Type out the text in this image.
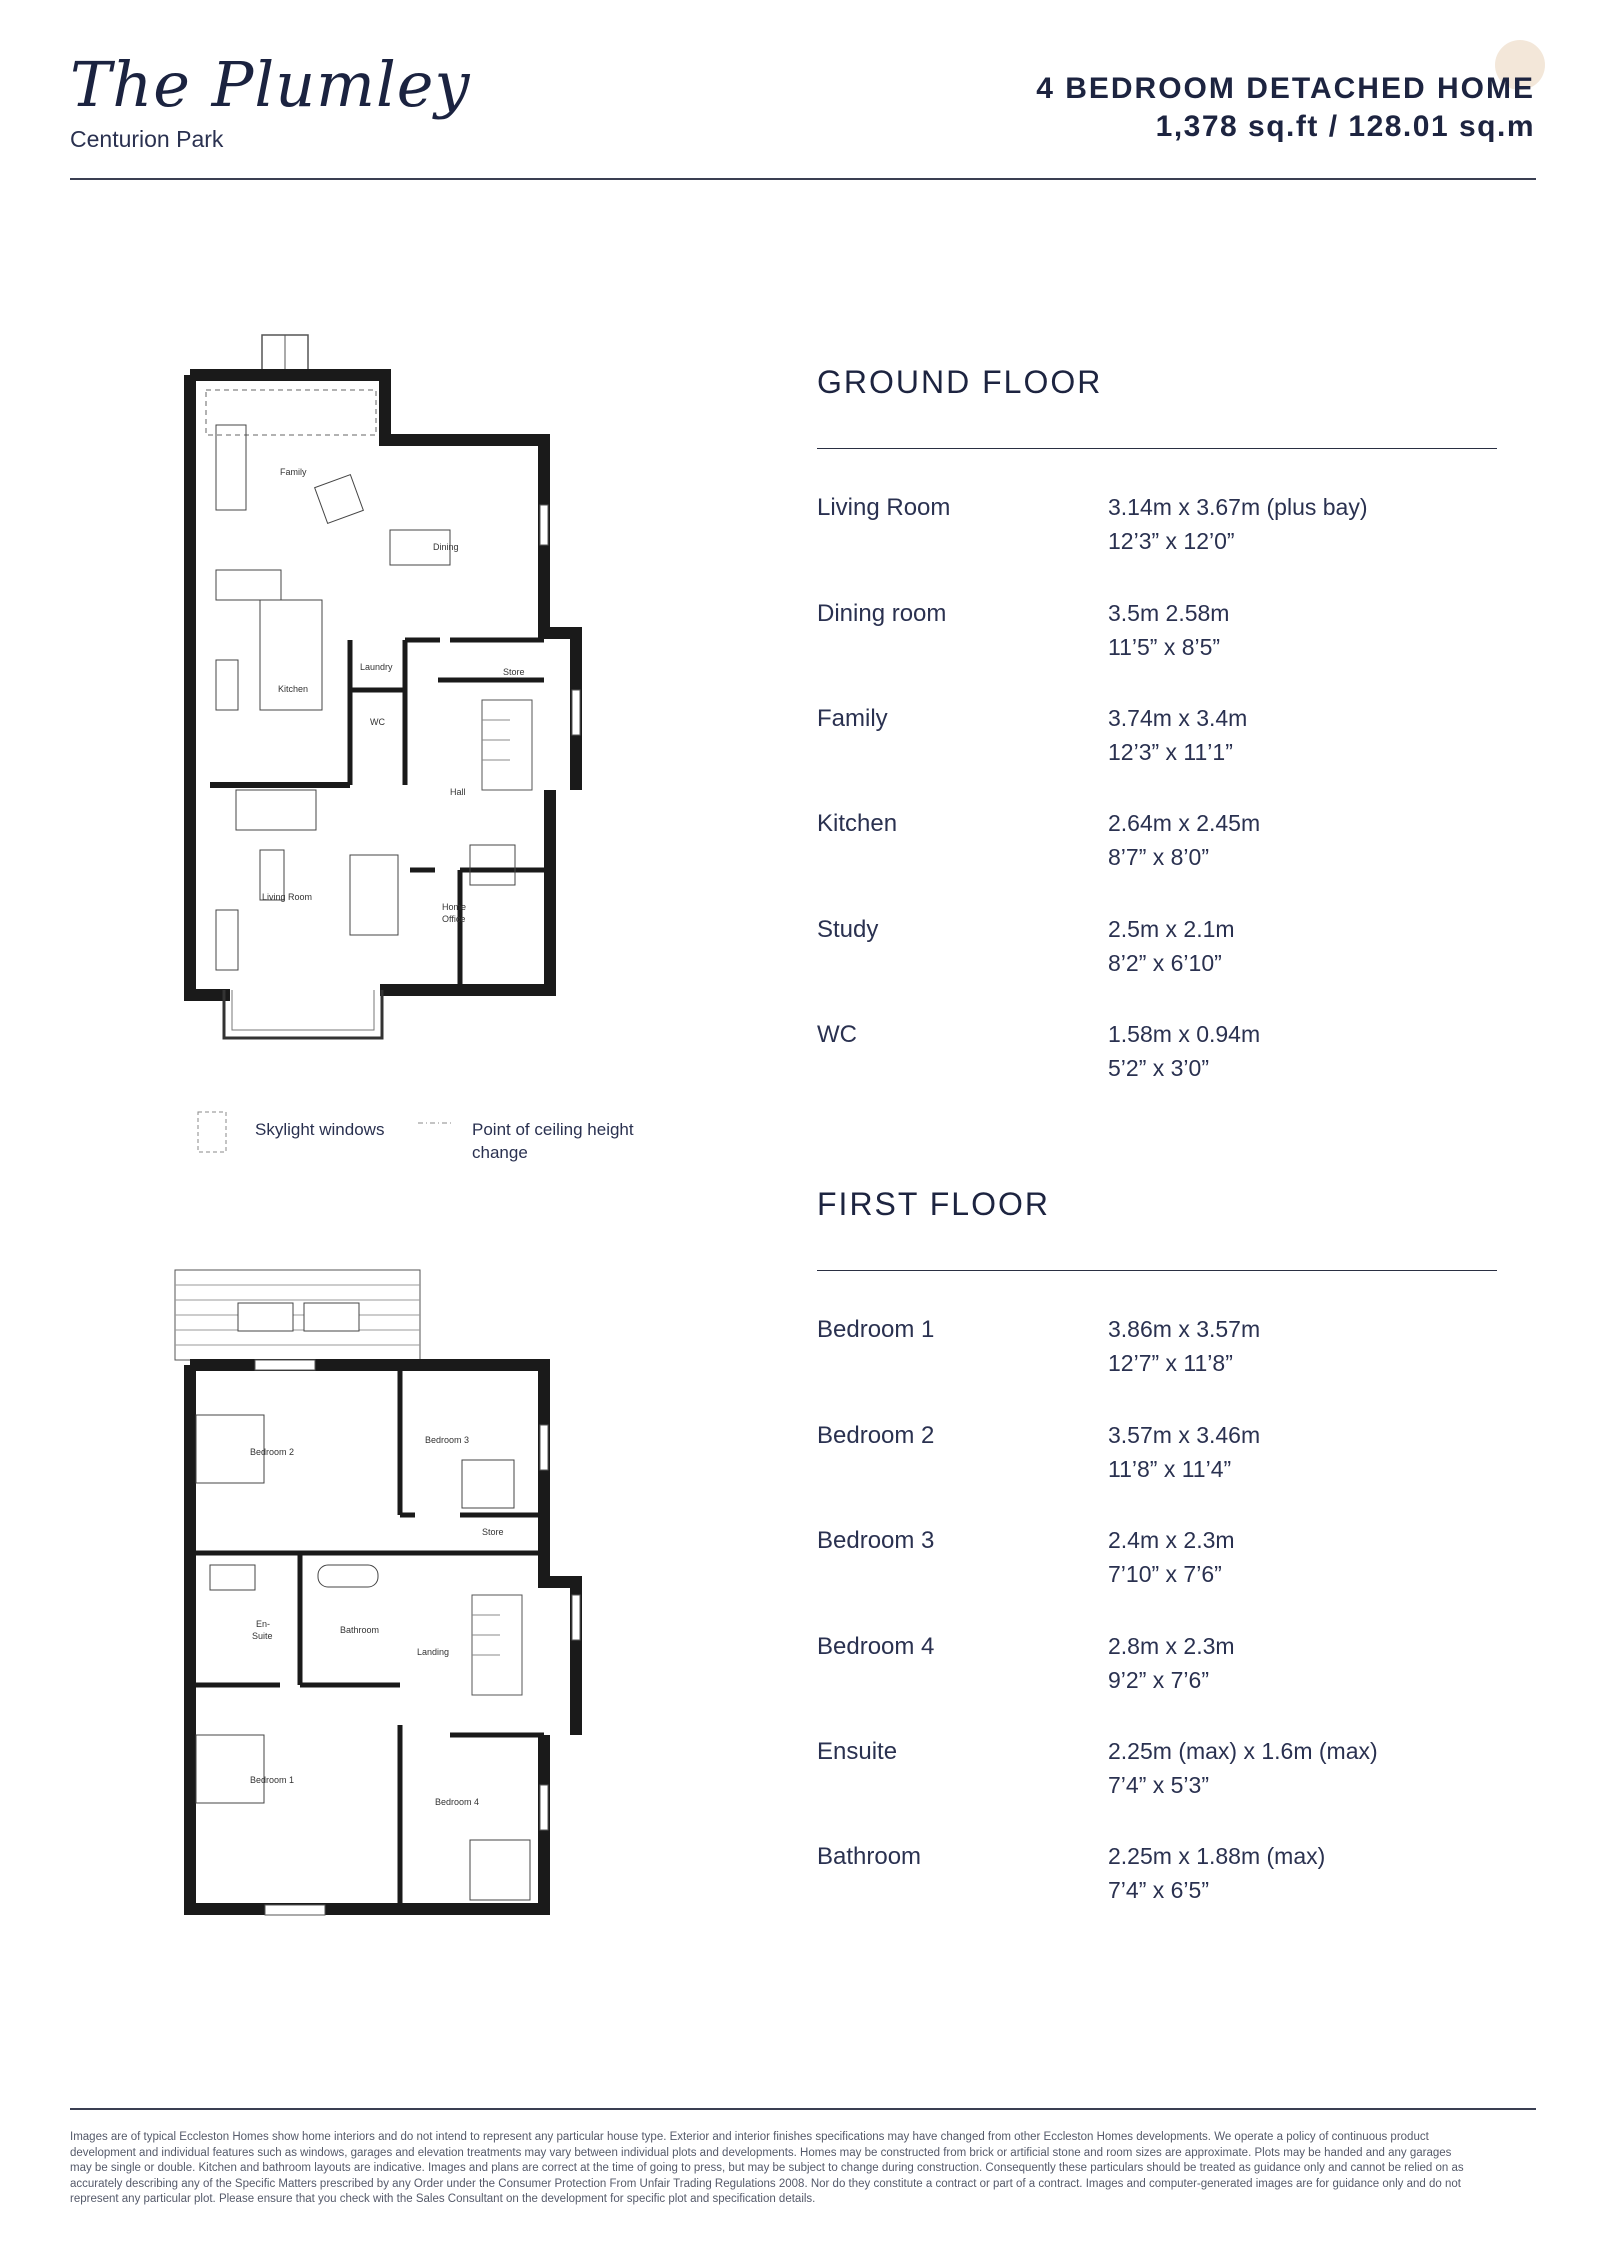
The Plumley
Centurion Park
4 BEDROOM DETACHED HOME
1,378 sq.ft / 128.01 sq.m
Family
Dining
Kitchen
Laundry	Store
WC
Hall
Living Room
Home
Office
Skylight windows	Point of ceiling height change
Bedroom 2
Bedroom 3
Store
En-
Suite
Bathroom
Landing
Bedroom 1
Bedroom 4
GROUND FLOOR
Living Room	3.14m x 3.67m (plus bay)
12’3” x 12’0”
Dining room	3.5m 2.58m
11’5” x 8’5”
Family	3.74m x 3.4m
12’3” x 11’1”
Kitchen	2.64m x 2.45m
8’7” x 8’0”
Study	2.5m x 2.1m
8’2” x 6’10”
WC	1.58m x 0.94m
5’2” x 3’0”
FIRST FLOOR
Bedroom 1	3.86m x 3.57m
12’7” x 11’8”
Bedroom 2	3.57m x 3.46m
11’8” x 11’4”
Bedroom 3	2.4m x 2.3m
7’10” x 7’6”
Bedroom 4	2.8m x 2.3m
9’2” x 7’6”
Ensuite	2.25m (max) x 1.6m (max)
7’4” x 5’3”
Bathroom	2.25m x 1.88m (max)
7’4” x 6’5”
Images are of typical Eccleston Homes show home interiors and do not intend to represent any particular house type. Exterior and interior finishes specifications may have changed from other Eccleston Homes developments. We operate a policy of continuous product development and individual features such as windows, garages and elevation treatments may vary between individual plots and developments. Homes may be constructed from brick or artificial stone and room sizes are approximate. Plots may be handed and any garages may be single or double. Kitchen and bathroom layouts are indicative. Images and plans are correct at the time of going to press, but may be subject to change during construction. Consequently these particulars should be treated as guidance only and cannot be relied on as accurately describing any of the Specific Matters prescribed by any Order under the Consumer Protection From Unfair Trading Regulations 2008. Nor do they constitute a contract or part of a contract. Images and computer-generated images are for guidance only and do not represent any particular plot. Please ensure that you check with the Sales Consultant on the development for specific plot and specification details.
